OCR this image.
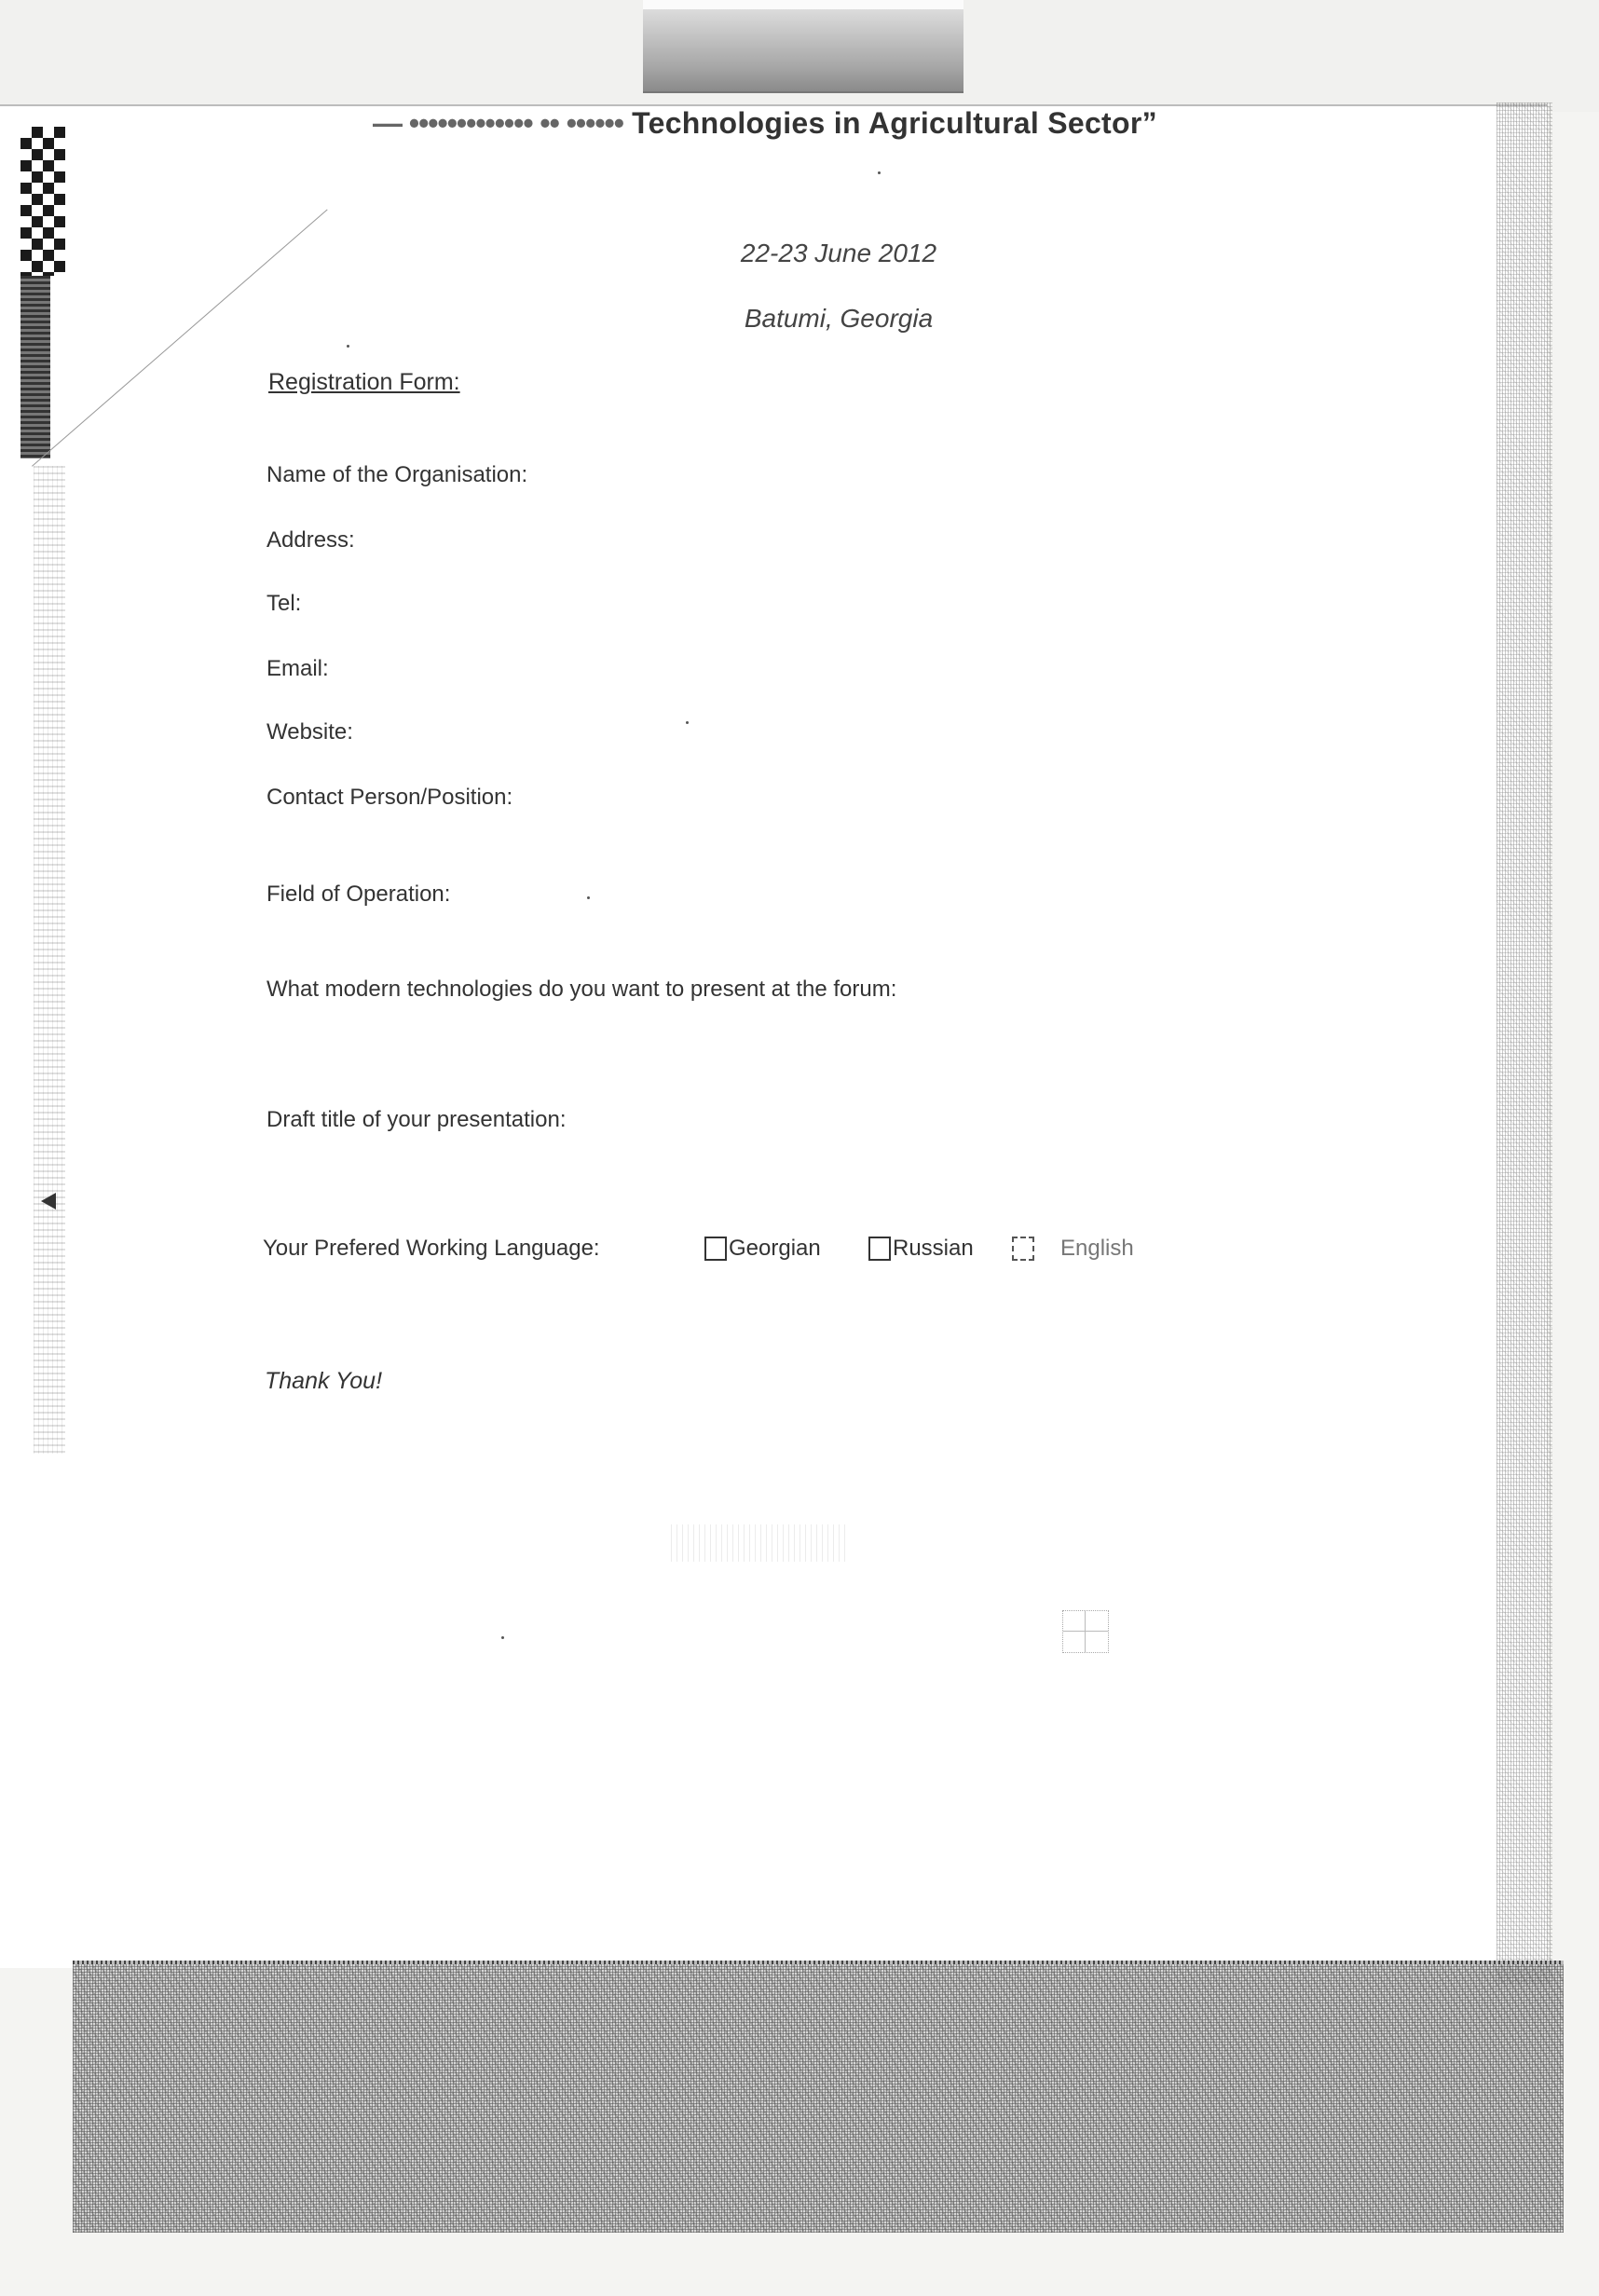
— ••••••••••••• •• •••••• Technologies in Agricultural Sector”
22-23 June 2012
Batumi, Georgia
Registration Form:
Name of the Organisation:
Address:
Tel:
Email:
Website:
Contact Person/Position:
Field of Operation:
What modern technologies do you want to present at the forum:
Draft title of your presentation:
Your Prefered Working Language:	Georgian	Russian	English
Thank You!
